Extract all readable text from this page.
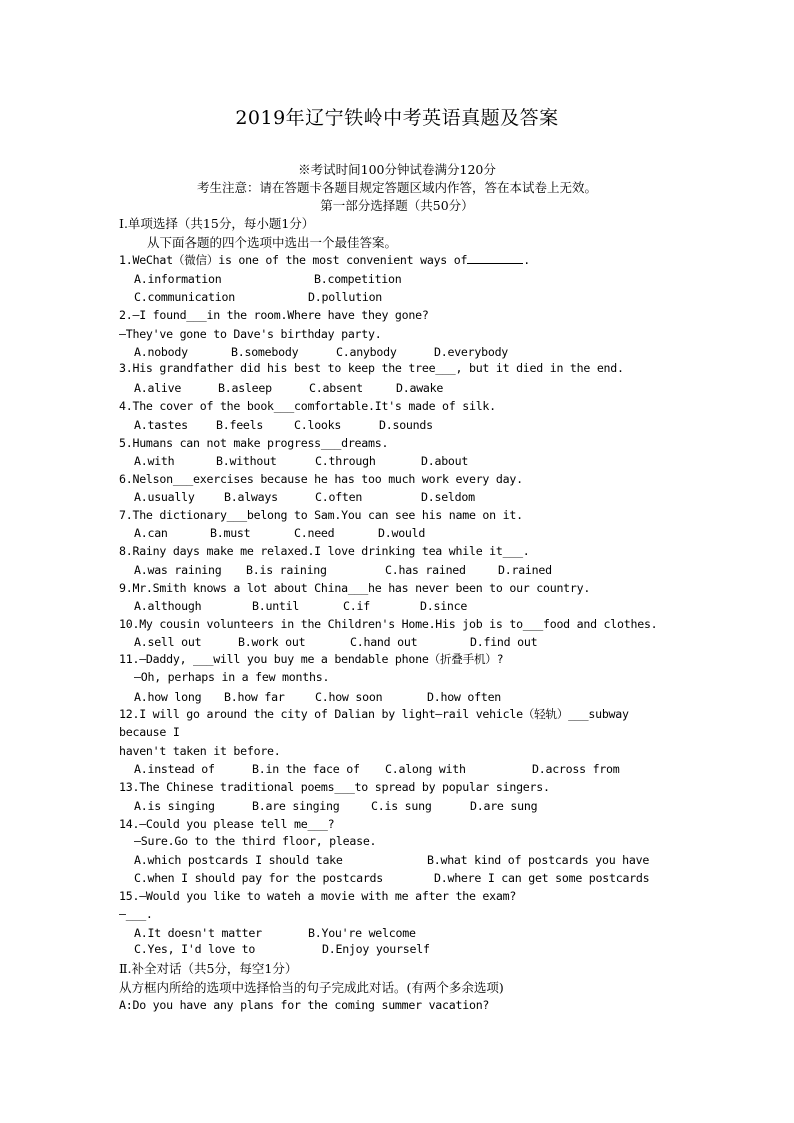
2019年辽宁铁岭中考英语真题及答案
※考试时间100分钟试卷满分120分
考生注意：请在答题卡各题目规定答题区域内作答，答在本试卷上无效。
第一部分选择题（共50分）
I.单项选择（共15分，每小题1分）
从下面各题的四个选项中选出一个最佳答案。
1.WeChat（微信）is one of the most convenient ways of	.
A.information	B.competition
C.communication	D.pollution
2.—I found___in the room.Where have they gone?
—They've gone to Dave's birthday party.
A.nobody	B.somebody	C.anybody	D.everybody
3.His grandfather did his best to keep the tree___, but it died in the end.
A.alive	B.asleep	C.absent	D.awake
4.The cover of the book___comfortable.It's made of silk.
A.tastes B.feels	C.looks	D.sounds
5.Humans can not make progress___dreams.
A.with	B.without	C.through	D.about
6.Nelson___exercises because he has too much work every day.
A.usually	B.always	C.often	D.seldom
7.The dictionary___belong to Sam.You can see his name on it.
A.can	B.must	C.need	D.would
8.Rainy days make me relaxed.I love drinking tea while it___.
A.was raining B.is raining	C.has rained	D.rained
9.Mr.Smith knows a lot about China___he has never been to our country.
A.although	B.until	C.if	D.since
10.My cousin volunteers in the Children's Home.His job is to___food and clothes.
A.sell out	B.work out	C.hand out	D.find out
11.—Daddy, ___will you buy me a bendable phone（折叠手机）?
—Oh, perhaps in a few months.
A.how long B.how far	C.how soon	D.how often
12.I will go around the city of Dalian by light—rail vehicle（轻轨）___subway
because I
haven't taken it before.
A.instead of	B.in the face of C.along with	D.across from
13.The Chinese traditional poems___to spread by popular singers.
A.is singing	B.are singing	C.is sung	D.are sung
14.—Could you please tell me___?
—Sure.Go to the third floor, please.
A.which postcards I should take	B.what kind of postcards you have
C.when I should pay for the postcards	D.where I can get some postcards
15.—Would you like to wateh a movie with me after the exam?
—___.
A.It doesn't matter	B.You're welcome
C.Yes, I'd love to	D.Enjoy yourself
Ⅱ.补全对话（共5分，每空1分）
从方框内所给的选项中选择恰当的句子完成此对话。(有两个多余选项)
A:Do you have any plans for the coming summer vacation?
